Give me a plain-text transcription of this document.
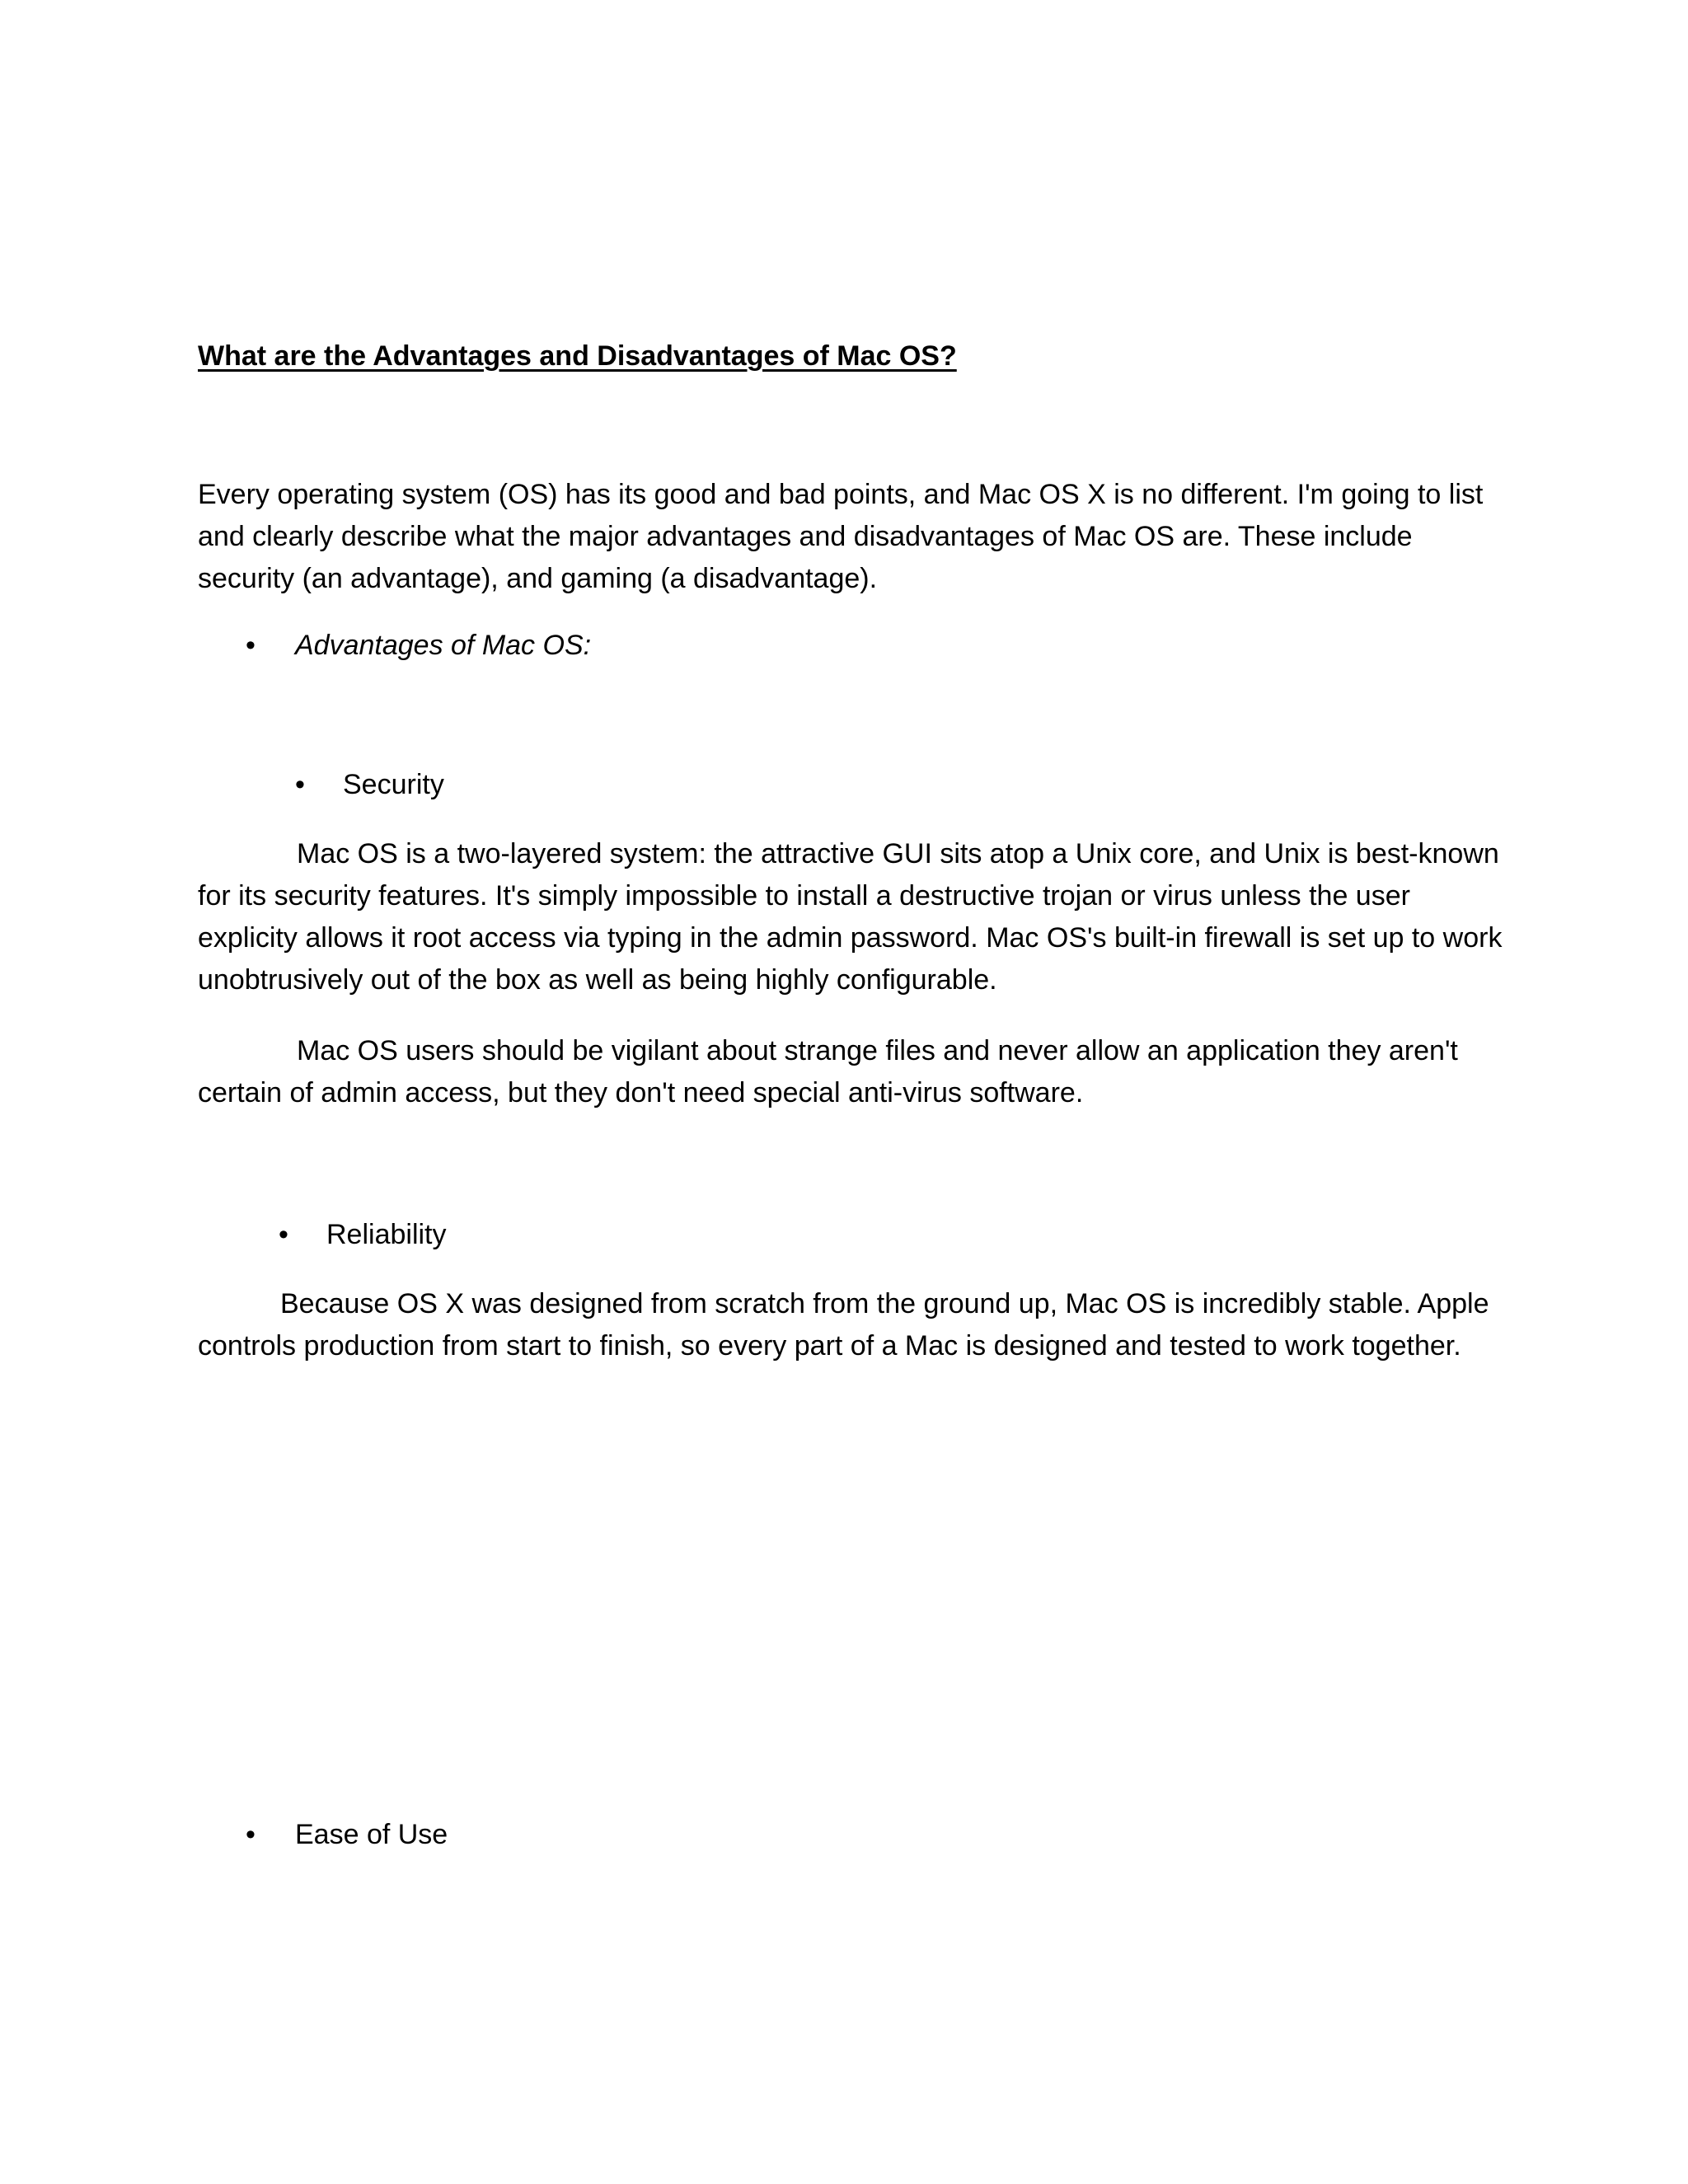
What are the Advantages and Disadvantages of Mac OS?

Every operating system (OS) has its good and bad points, and Mac OS X is no different. I'm going to list and clearly describe what the major advantages and disadvantages of Mac OS are. These include security (an advantage), and gaming (a disadvantage).

• Advantages of Mac OS:
• Security

Mac OS is a two-layered system: the attractive GUI sits atop a Unix core, and Unix is best-known for its security features. It's simply impossible to install a destructive trojan or virus unless the user explicity allows it root access via typing in the admin password. Mac OS's built-in firewall is set up to work unobtrusively out of the box as well as being highly configurable.

Mac OS users should be vigilant about strange files and never allow an application they aren't certain of admin access, but they don't need special anti-virus software.

• Reliability

Because OS X was designed from scratch from the ground up, Mac OS is incredibly stable. Apple controls production from start to finish, so every part of a Mac is designed and tested to work together.

• Ease of Use
